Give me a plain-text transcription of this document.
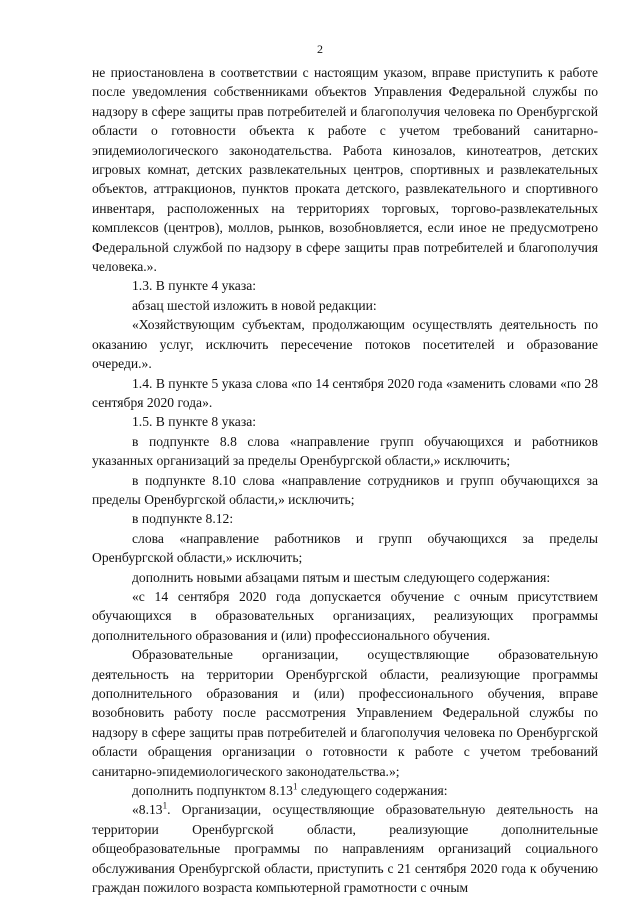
2

не приостановлена в соответствии с настоящим указом, вправе приступить к работе после уведомления собственниками объектов Управления Федеральной службы по надзору в сфере защиты прав потребителей и благополучия человека по Оренбургской области о готовности объекта к работе с учетом требований санитарно-эпидемиологического законодательства. Работа кинозалов, кинотеатров, детских игровых комнат, детских развлекательных центров, спортивных и развлекательных объектов, аттракционов, пунктов проката детского, развлекательного и спортивного инвентаря, расположенных на территориях торговых, торгово-развлекательных комплексов (центров), моллов, рынков, возобновляется, если иное не предусмотрено Федеральной службой по надзору в сфере защиты прав потребителей и благополучия человека.».

1.3. В пункте 4 указа:

абзац шестой изложить в новой редакции:

«Хозяйствующим субъектам, продолжающим осуществлять деятельность по оказанию услуг, исключить пересечение потоков посетителей и образование очереди.».

1.4. В пункте 5 указа слова «по 14 сентября 2020 года «заменить словами «по 28 сентября 2020 года».

1.5. В пункте 8 указа:

в подпункте 8.8 слова «направление групп обучающихся и работников указанных организаций за пределы Оренбургской области,» исключить;

в подпункте 8.10 слова «направление сотрудников и групп обучающихся за пределы Оренбургской области,» исключить;

в подпункте 8.12:

слова «направление работников и групп обучающихся за пределы Оренбургской области,» исключить;

дополнить новыми абзацами пятым и шестым следующего содержания:

«с 14 сентября 2020 года допускается обучение с очным присутствием обучающихся в образовательных организациях, реализующих программы дополнительного образования и (или) профессионального обучения.

Образовательные организации, осуществляющие образовательную деятельность на территории Оренбургской области, реализующие программы дополнительного образования и (или) профессионального обучения, вправе возобновить работу после рассмотрения Управлением Федеральной службы по надзору в сфере защиты прав потребителей и благополучия человека по Оренбургской области обращения организации о готовности к работе с учетом требований санитарно-эпидемиологического законодательства.»;

дополнить подпунктом 8.13$^1$ следующего содержания:

«8.13$^1$. Организации, осуществляющие образовательную деятельность на территории Оренбургской области, реализующие дополнительные общеобразовательные программы по направлениям организаций социального обслуживания Оренбургской области, приступить с 21 сентября 2020 года к обучению граждан пожилого возраста компьютерной грамотности с очным
